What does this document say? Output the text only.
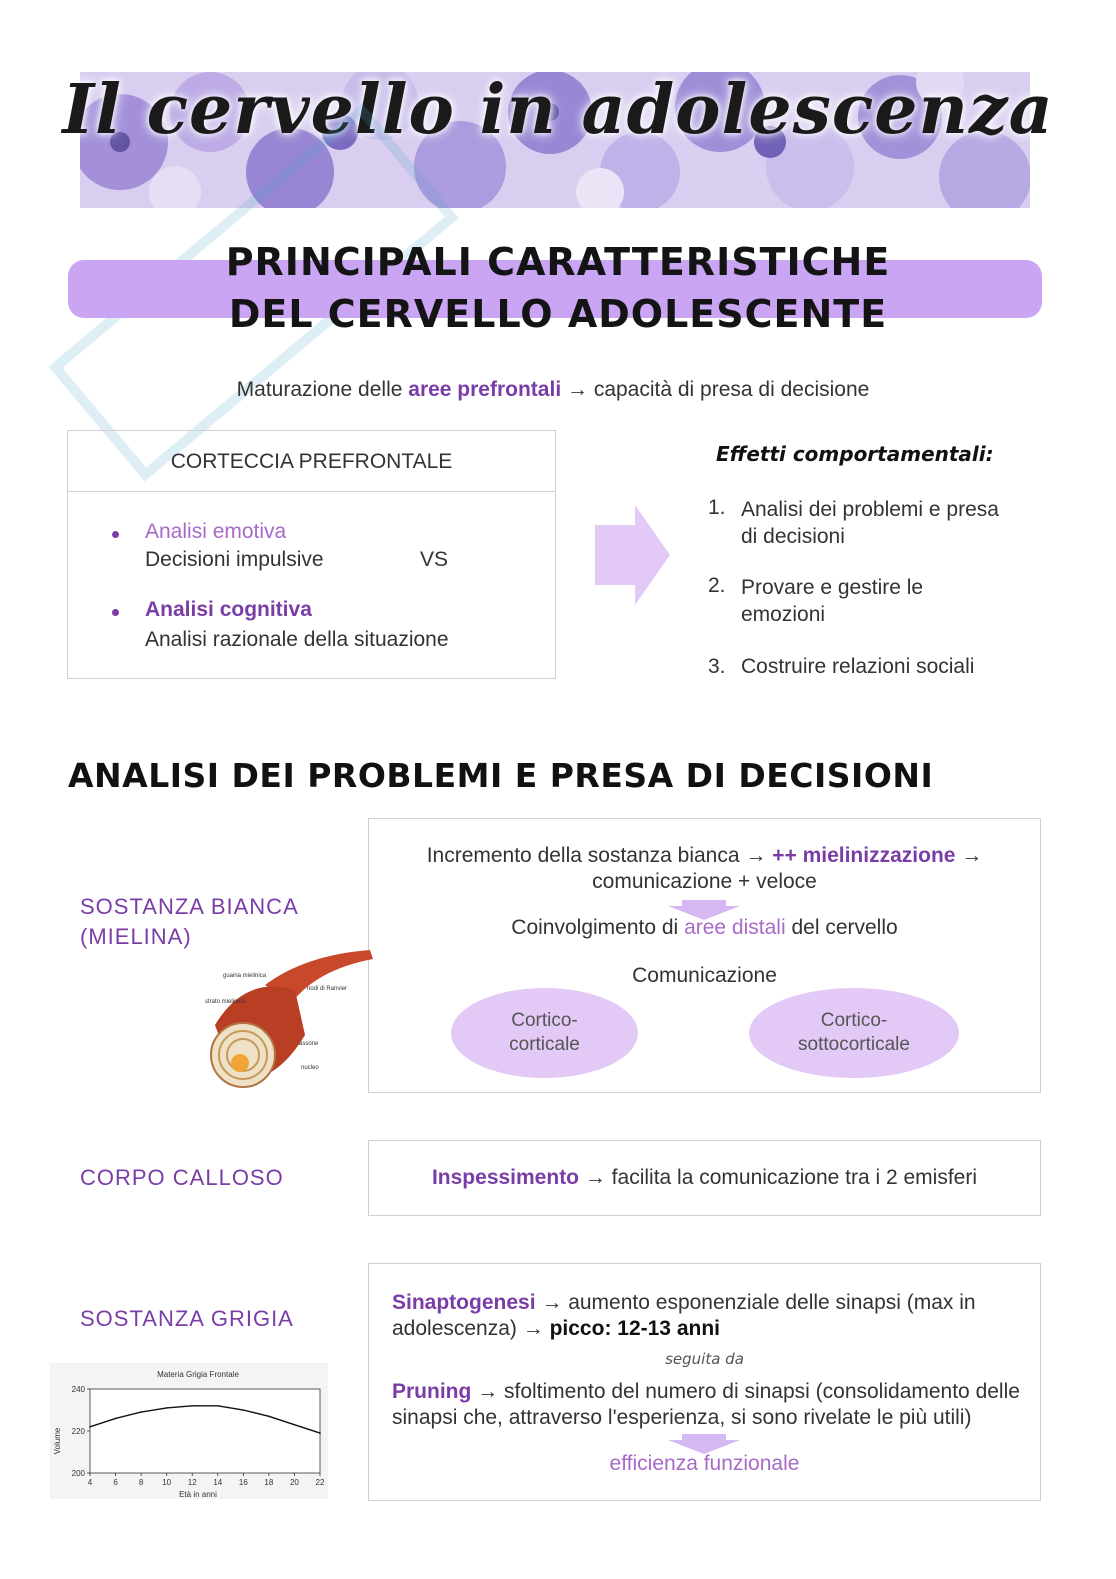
Il cervello in adolescenza
PRINCIPALI CARATTERISTICHE
DEL CERVELLO ADOLESCENTE
Maturazione delle aree prefrontali → capacità di presa di decisione
CORTECCIA PREFRONTALE
Analisi emotiva
Decisioni impulsive	VS
Analisi cognitiva
Analisi razionale della situazione
Effetti comportamentali:
1. Analisi dei problemi e presa di decisioni
2. Provare e gestire le emozioni
3. Costruire relazioni sociali
ANALISI DEI PROBLEMI E PRESA DI DECISIONI
SOSTANZA BIANCA (MIELINA)
Incremento della sostanza bianca → ++ mielinizzazione →
comunicazione + veloce
Coinvolgimento di aree distali del cervello
Comunicazione
Cortico-corticale
Cortico-sottocorticale
guaina mielinica
nodi di Ranvier
strato mielinico
assone
nucleo
CORPO CALLOSO	Inspessimento → facilita la comunicazione tra i 2 emisferi
SOSTANZA GRIGIA
Sinaptogenesi → aumento esponenziale delle sinapsi (max in adolescenza) → picco: 12-13 anni
seguita da
Pruning → sfoltimento del numero di sinapsi (consolidamento delle sinapsi che, attraverso l'esperienza, si sono rivelate le più utili)
efficienza funzionale
Materia Grigia Frontale
Volume
Età in anni
200
220
240
4	6	8 10 12 14 16 18 20 22
